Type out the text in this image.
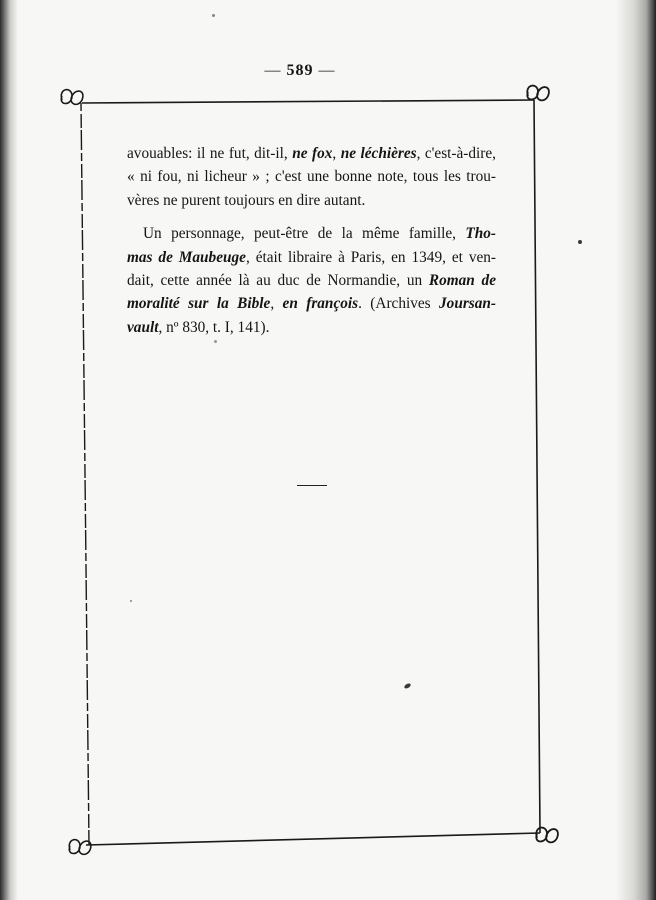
— 589 —

avouables: il ne fut, dit-il, ne fox, ne léchières, c'est-à-dire,
« ni fou, ni licheur » ; c'est une bonne note, tous les trou-
vères ne purent toujours en dire autant.

Un personnage, peut-être de la même famille, Tho-
mas de Maubeuge, était libraire à Paris, en 1349, et ven-
dait, cette année là au duc de Normandie, un Roman de
moralité sur la Bible, en françois. (Archives Joursan-
vault, nº 830, t. I, 141).
